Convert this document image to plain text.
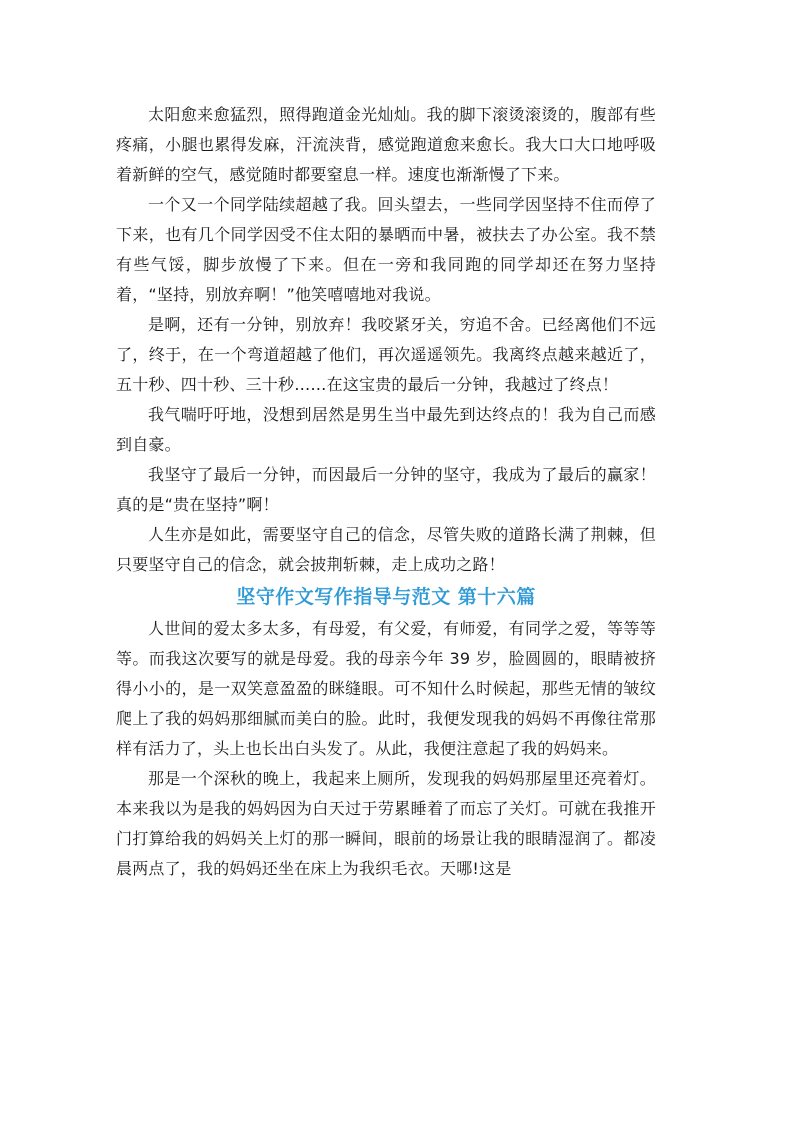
太阳愈来愈猛烈，照得跑道金光灿灿。我的脚下滚烫滚烫的，腹部有些疼痛，小腿也累得发麻，汗流浃背，感觉跑道愈来愈长。我大口大口地呼吸着新鲜的空气，感觉随时都要窒息一样。速度也渐渐慢了下来。

一个又一个同学陆续超越了我。回头望去，一些同学因坚持不住而停了下来，也有几个同学因受不住太阳的暴晒而中暑，被扶去了办公室。我不禁有些气馁，脚步放慢了下来。但在一旁和我同跑的同学却还在努力坚持着，“坚持，别放弃啊！”他笑嘻嘻地对我说。

是啊，还有一分钟，别放弃！我咬紧牙关，穷追不舍。已经离他们不远了，终于，在一个弯道超越了他们，再次遥遥领先。我离终点越来越近了，五十秒、四十秒、三十秒……在这宝贵的最后一分钟，我越过了终点！

我气喘吁吁地，没想到居然是男生当中最先到达终点的！我为自己而感到自豪。

我坚守了最后一分钟，而因最后一分钟的坚守，我成为了最后的赢家！真的是“贵在坚持”啊！

人生亦是如此，需要坚守自己的信念，尽管失败的道路长满了荆棘，但只要坚守自己的信念，就会披荆斩棘，走上成功之路！

坚守作文写作指导与范文 第十六篇

人世间的爱太多太多，有母爱，有父爱，有师爱，有同学之爱，等等等等。而我这次要写的就是母爱。我的母亲今年 39 岁，脸圆圆的，眼睛被挤得小小的，是一双笑意盈盈的眯缝眼。可不知什么时候起，那些无情的皱纹爬上了我的妈妈那细腻而美白的脸。此时，我便发现我的妈妈不再像往常那样有活力了，头上也长出白头发了。从此，我便注意起了我的妈妈来。

那是一个深秋的晚上，我起来上厕所，发现我的妈妈那屋里还亮着灯。本来我以为是我的妈妈因为白天过于劳累睡着了而忘了关灯。可就在我推开门打算给我的妈妈关上灯的那一瞬间，眼前的场景让我的眼睛湿润了。都凌晨两点了，我的妈妈还坐在床上为我织毛衣。天哪!这是
